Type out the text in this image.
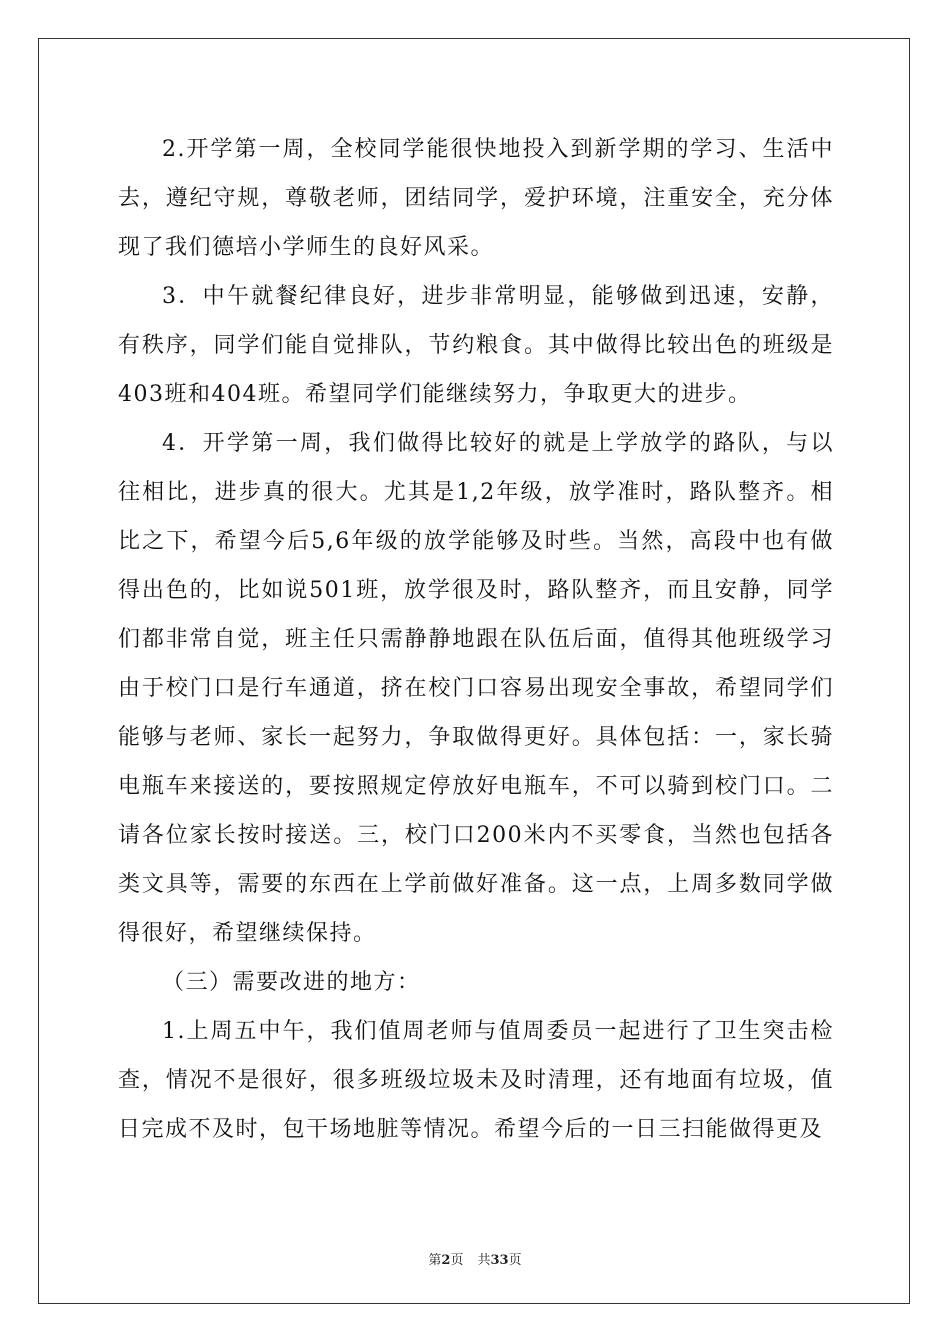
2.开学第一周，全校同学能很快地投入到新学期的学习、生活中去，遵纪守规，尊敬老师，团结同学，爱护环境，注重安全，充分体现了我们德培小学师生的良好风采。

3．中午就餐纪律良好，进步非常明显，能够做到迅速，安静，有秩序，同学们能自觉排队，节约粮食。其中做得比较出色的班级是403班和404班。希望同学们能继续努力，争取更大的进步。

4．开学第一周，我们做得比较好的就是上学放学的路队，与以往相比，进步真的很大。尤其是1,2年级，放学准时，路队整齐。相比之下，希望今后5,6年级的放学能够及时些。当然，高段中也有做得出色的，比如说501班，放学很及时，路队整齐，而且安静，同学们都非常自觉，班主任只需静静地跟在队伍后面，值得其他班级学习由于校门口是行车通道，挤在校门口容易出现安全事故，希望同学们能够与老师、家长一起努力，争取做得更好。具体包括：一，家长骑电瓶车来接送的，要按照规定停放好电瓶车，不可以骑到校门口。二请各位家长按时接送。三，校门口200米内不买零食，当然也包括各类文具等，需要的东西在上学前做好准备。这一点，上周多数同学做得很好，希望继续保持。

（三）需要改进的地方：

1.上周五中午，我们值周老师与值周委员一起进行了卫生突击检查，情况不是很好，很多班级垃圾未及时清理，还有地面有垃圾，值日完成不及时，包干场地脏等情况。希望今后的一日三扫能做得更及

第2页 共33页
